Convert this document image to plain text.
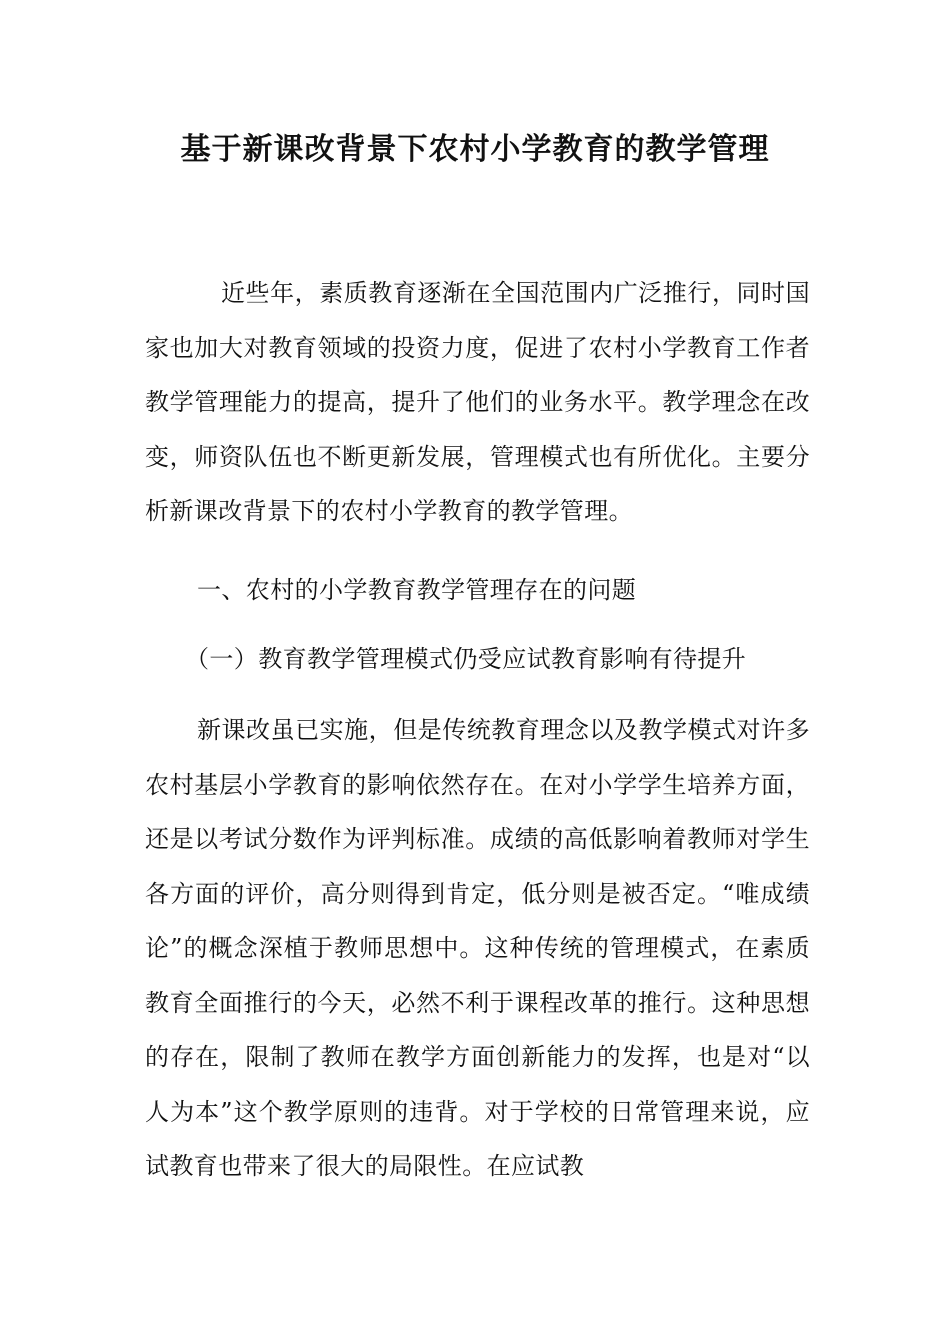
基于新课改背景下农村小学教育的教学管理

近些年，素质教育逐渐在全国范围内广泛推行，同时国家也加大对教育领域的投资力度，促进了农村小学教育工作者教学管理能力的提高，提升了他们的业务水平。教学理念在改变，师资队伍也不断更新发展，管理模式也有所优化。主要分析新课改背景下的农村小学教育的教学管理。

一、农村的小学教育教学管理存在的问题

（一）教育教学管理模式仍受应试教育影响有待提升

新课改虽已实施，但是传统教育理念以及教学模式对许多农村基层小学教育的影响依然存在。在对小学学生培养方面，还是以考试分数作为评判标准。成绩的高低影响着教师对学生各方面的评价，高分则得到肯定，低分则是被否定。“唯成绩论”的概念深植于教师思想中。这种传统的管理模式，在素质教育全面推行的今天，必然不利于课程改革的推行。这种思想的存在，限制了教师在教学方面创新能力的发挥，也是对“以人为本”这个教学原则的违背。对于学校的日常管理来说，应试教育也带来了很大的局限性。在应试教
